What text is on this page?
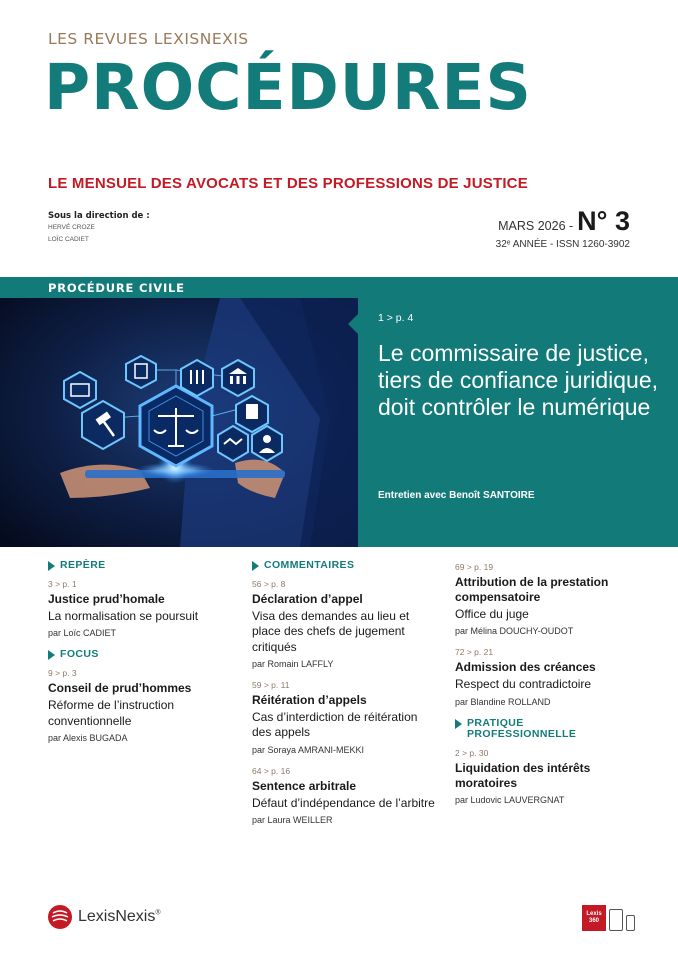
LES REVUES LEXISNEXIS
PROCÉDURES
LE MENSUEL DES AVOCATS ET DES PROFESSIONS DE JUSTICE
Sous la direction de :
HERVÉ CROZE
LOÏC CADIET
MARS 2026 - N° 3
32ᵉ ANNÉE - ISSN 1260-3902
PROCÉDURE CIVILE
1 > p. 4
Le commissaire de justice, tiers de confiance juridique, doit contrôler le numérique
Entretien avec Benoît SANTOIRE
REPÈRE
3 > p. 1
Justice prud’homale
La normalisation se poursuit
par Loïc CADIET
FOCUS
9 > p. 3
Conseil de prud’hommes
Réforme de l’instruction conventionnelle
par Alexis BUGADA
COMMENTAIRES
56 > p. 8
Déclaration d’appel
Visa des demandes au lieu et place des chefs de jugement critiqués
par Romain LAFFLY
59 > p. 11
Réitération d’appels
Cas d’interdiction de réitération des appels
par Soraya AMRANI-MEKKI
64 > p. 16
Sentence arbitrale
Défaut d’indépendance de l’arbitre
par Laura WEILLER
69 > p. 19
Attribution de la prestation compensatoire
Office du juge
par Mélina DOUCHY-OUDOT
72 > p. 21
Admission des créances
Respect du contradictoire
par Blandine ROLLAND
PRATIQUE PROFESSIONNELLE
2 > p. 30
Liquidation des intérêts moratoires
par Ludovic LAUVERGNAT
LexisNexis®	Lexis 360
